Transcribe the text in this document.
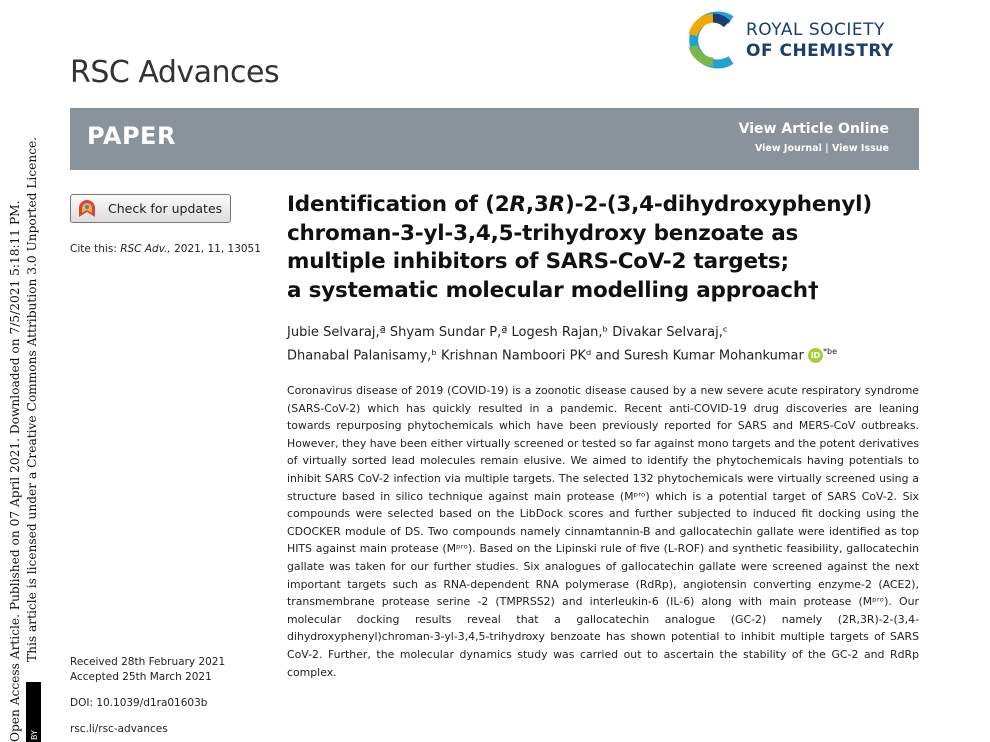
Open Access Article. Published on 07 April 2021. Downloaded on 7/5/2021 5:18:11 PM. This article is licensed under a Creative Commons Attribution 3.0 Unported Licence.
BY
RSC Advances
ROYAL SOCIETY
OF CHEMISTRY
PAPER	View Article Online
View Journal | View Issue
Check for updates
Cite this: RSC Adv., 2021, 11, 13051
Received 28th February 2021
Accepted 25th March 2021
DOI: 10.1039/d1ra01603b
rsc.li/rsc-advances
Identification of (2R,3R)-2-(3,4-dihydroxyphenyl)
chroman-3-yl-3,4,5-trihydroxy benzoate as
multiple inhibitors of SARS-CoV-2 targets;
a systematic molecular modelling approach†
Jubie Selvaraj,ª Shyam Sundar P,ª Logesh Rajan,ᵇ Divakar Selvaraj,ᶜ
Dhanabal Palanisamy,ᵇ Krishnan Namboori PKᵈ and Suresh Kumar Mohankumar iD $^{*be}$
Coronavirus disease of 2019 (COVID-19) is a zoonotic disease caused by a new severe acute respiratory syndrome (SARS-CoV-2) which has quickly resulted in a pandemic. Recent anti-COVID-19 drug discoveries are leaning towards repurposing phytochemicals which have been previously reported for SARS and MERS-CoV outbreaks. However, they have been either virtually screened or tested so far against mono targets and the potent derivatives of virtually sorted lead molecules remain elusive. We aimed to identify the phytochemicals having potentials to inhibit SARS CoV-2 infection via multiple targets. The selected 132 phytochemicals were virtually screened using a structure based in silico technique against main protease (Mᵖʳᵒ) which is a potential target of SARS CoV-2. Six compounds were selected based on the LibDock scores and further subjected to induced fit docking using the CDOCKER module of DS. Two compounds namely cinnamtannin-B and gallocatechin gallate were identified as top HITS against main protease (Mᵖʳᵒ). Based on the Lipinski rule of five (L-ROF) and synthetic feasibility, gallocatechin gallate was taken for our further studies. Six analogues of gallocatechin gallate were screened against the next important targets such as RNA-dependent RNA polymerase (RdRp), angiotensin converting enzyme-2 (ACE2), transmembrane protease serine -2 (TMPRSS2) and interleukin-6 (IL-6) along with main protease (Mᵖʳᵒ). Our molecular docking results reveal that a gallocatechin analogue (GC-2) namely (2R,3R)-2-(3,4-dihydroxyphenyl)chroman-3-yl-3,4,5-trihydroxy benzoate has shown potential to inhibit multiple targets of SARS CoV-2. Further, the molecular dynamics study was carried out to ascertain the stability of the GC-2 and RdRp complex.
